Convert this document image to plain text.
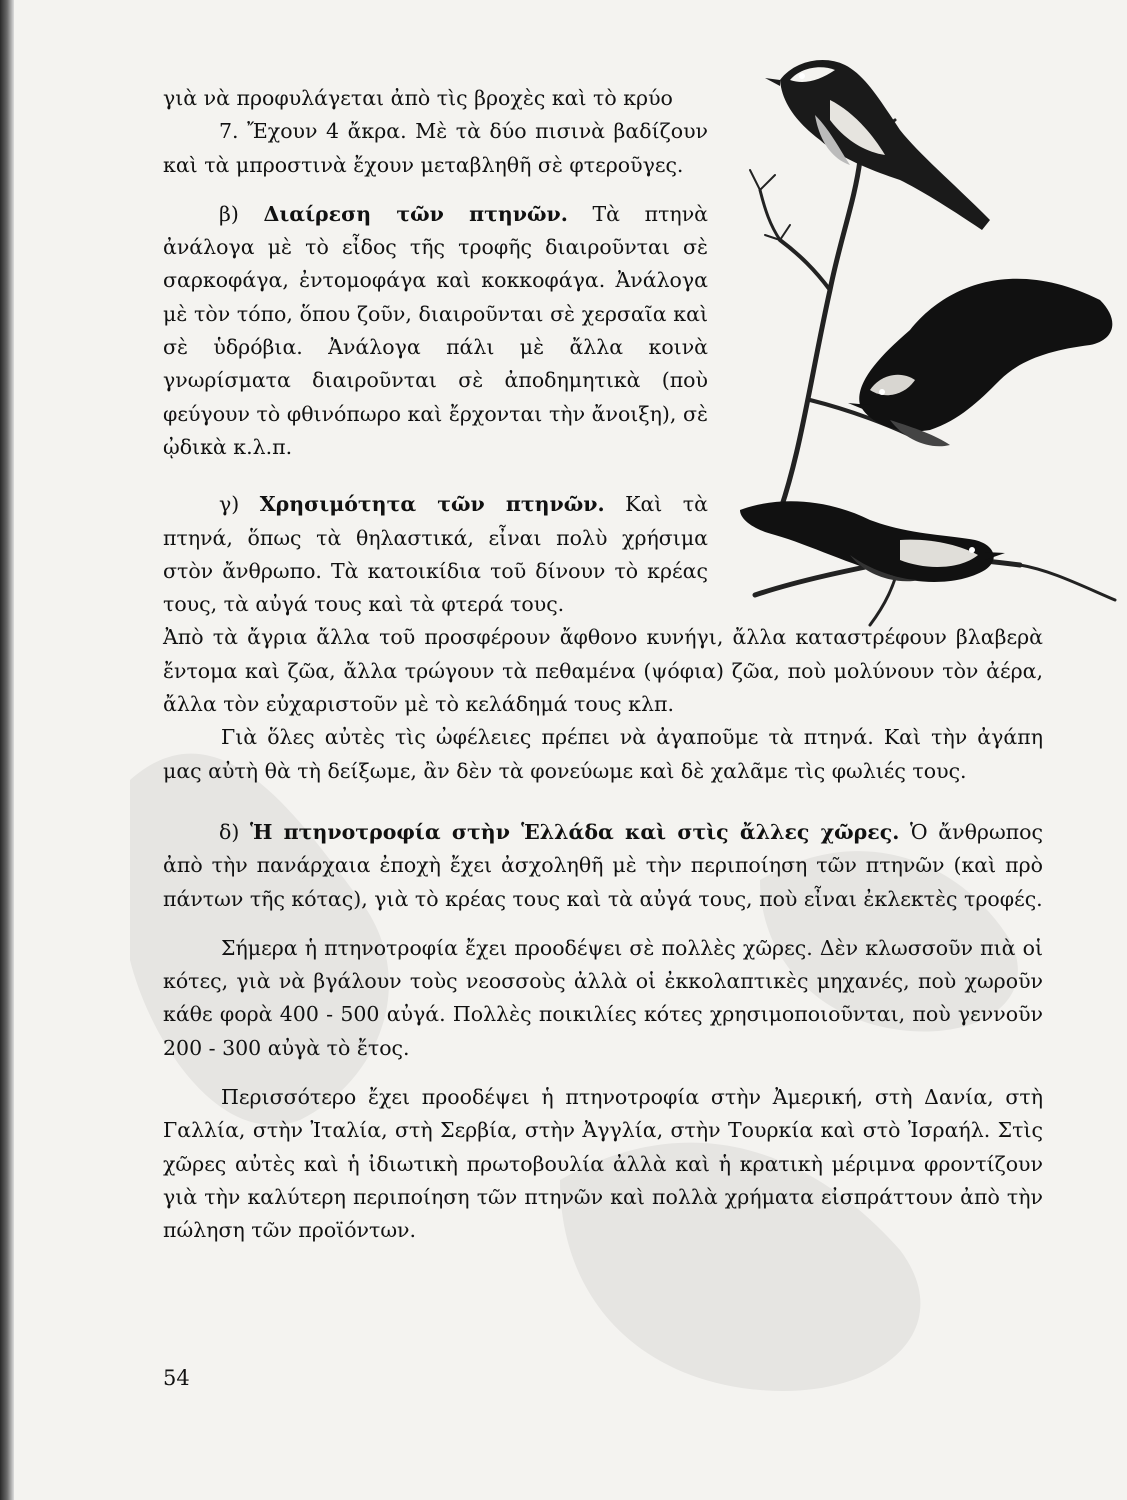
γιὰ νὰ προφυλάγεται ἀπὸ τὶς βροχὲς καὶ τὸ κρύο

7. Ἔχουν 4 ἄκρα. Μὲ τὰ δύο πισινὰ βαδίζουν καὶ τὰ μπροστινὰ ἔχουν μεταβληθῆ σὲ φτεροῦγες.

β) Διαίρεση τῶν πτηνῶν. Τὰ πτηνὰ ἀνάλογα μὲ τὸ εἶδος τῆς τροφῆς διαιροῦνται σὲ σαρκοφάγα, ἐντομοφάγα καὶ κοκκοφάγα. Ἀνάλογα μὲ τὸν τόπο, ὅπου ζοῦν, διαιροῦνται σὲ χερσαῖα καὶ σὲ ὑδρόβια. Ἀνάλογα πάλι μὲ ἄλλα κοινὰ γνωρίσματα διαιροῦνται σὲ ἀποδημητικὰ (ποὺ φεύγουν τὸ φθινόπωρο καὶ ἔρχονται τὴν ἄνοιξη), σὲ ᾠδικὰ κ.λ.π.

γ) Χρησιμότητα τῶν πτηνῶν. Καὶ τὰ πτηνά, ὅπως τὰ θηλαστικά, εἶναι πολὺ χρήσιμα στὸν ἄνθρωπο. Τὰ κατοικίδια τοῦ δίνουν τὸ κρέας τους, τὰ αὐγά τους καὶ τὰ φτερά τους.

Ἀπὸ τὰ ἄγρια ἄλλα τοῦ προσφέρουν ἄφθονο κυνήγι, ἄλλα καταστρέφουν βλαβερὰ ἔντομα καὶ ζῶα, ἄλλα τρώγουν τὰ πεθαμένα (ψόφια) ζῶα, ποὺ μολύνουν τὸν ἀέρα, ἄλλα τὸν εὐχαριστοῦν μὲ τὸ κελάδημά τους κλπ.

Γιὰ ὅλες αὐτὲς τὶς ὠφέλειες πρέπει νὰ ἀγαποῦμε τὰ πτηνά. Καὶ τὴν ἀγάπη μας αὐτὴ θὰ τὴ δείξωμε, ἂν δὲν τὰ φονεύωμε καὶ δὲ χαλᾶμε τὶς φωλιές τους.

δ) Ἡ πτηνοτροφία στὴν Ἑλλάδα καὶ στὶς ἄλλες χῶρες. Ὁ ἄνθρωπος ἀπὸ τὴν πανάρχαια ἐποχὴ ἔχει ἀσχοληθῆ μὲ τὴν περιποίηση τῶν πτηνῶν (καὶ πρὸ πάντων τῆς κότας), γιὰ τὸ κρέας τους καὶ τὰ αὐγά τους, ποὺ εἶναι ἐκλεκτὲς τροφές.

Σήμερα ἡ πτηνοτροφία ἔχει προοδέψει σὲ πολλὲς χῶρες. Δὲν κλωσσοῦν πιὰ οἱ κότες, γιὰ νὰ βγάλουν τοὺς νεοσσοὺς ἀλλὰ οἱ ἐκκολαπτικὲς μηχανές, ποὺ χωροῦν κάθε φορὰ 400 - 500 αὐγά. Πολλὲς ποικιλίες κότες χρησιμοποιοῦνται, ποὺ γεννοῦν 200 - 300 αὐγὰ τὸ ἔτος.

Περισσότερο ἔχει προοδέψει ἡ πτηνοτροφία στὴν Ἀμερική, στὴ Δανία, στὴ Γαλλία, στὴν Ἰταλία, στὴ Σερβία, στὴν Ἀγγλία, στὴν Τουρκία καὶ στὸ Ἰσραήλ. Στὶς χῶρες αὐτὲς καὶ ἡ ἰδιωτικὴ πρωτοβουλία ἀλλὰ καὶ ἡ κρατικὴ μέριμνα φροντίζουν γιὰ τὴν καλύτερη περιποίηση τῶν πτηνῶν καὶ πολλὰ χρήματα εἰσπράττουν ἀπὸ τὴν πώληση τῶν προϊόντων.

54
